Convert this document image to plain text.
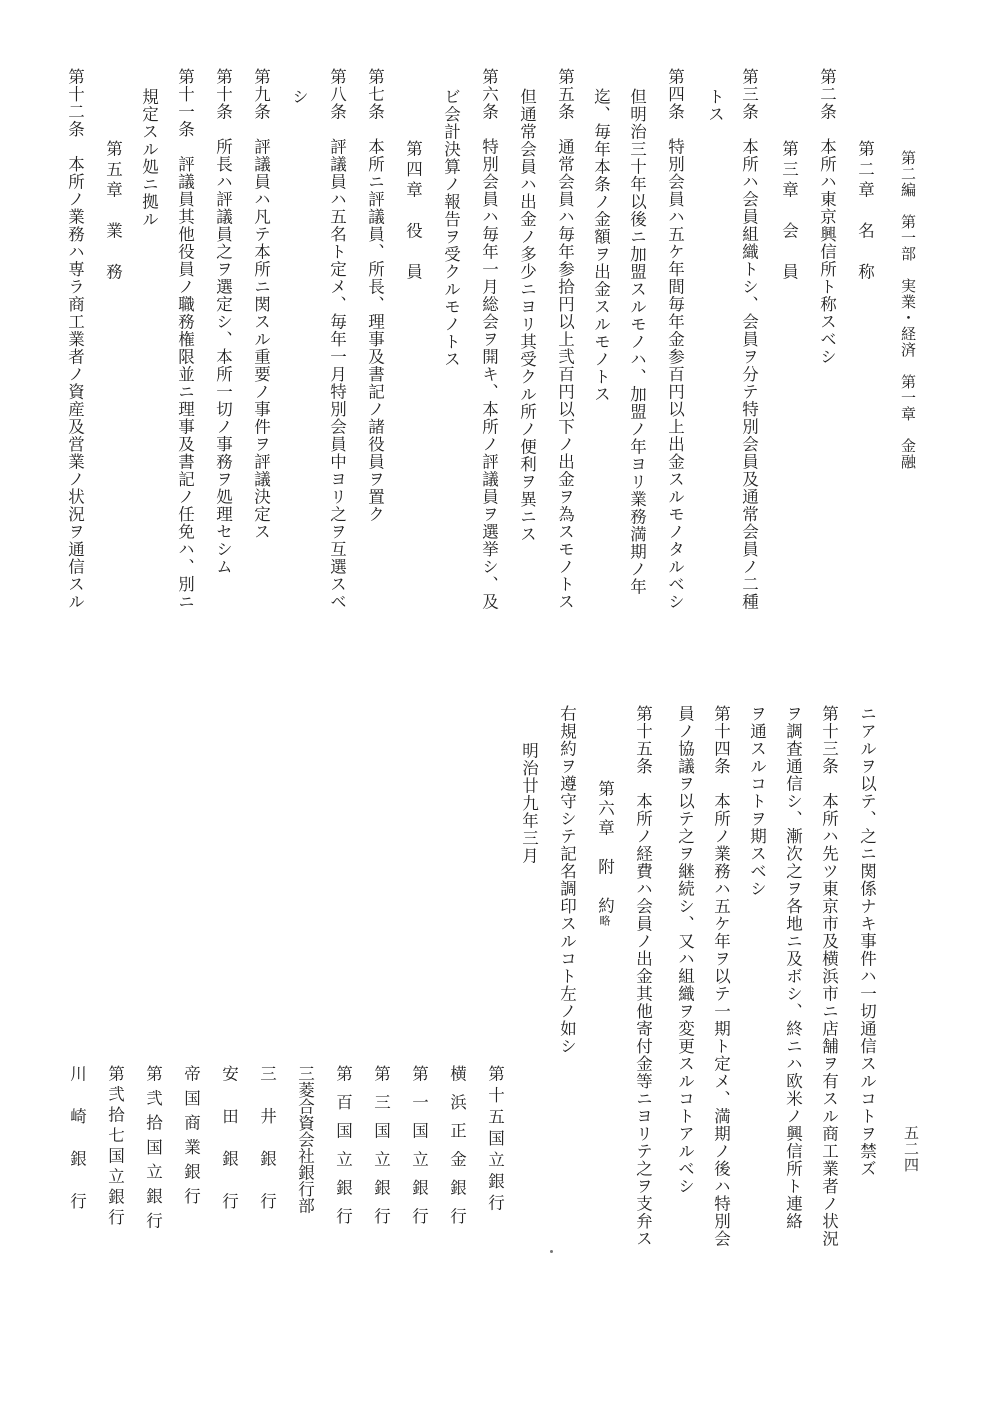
第二編　第一部　実業・経済　第一章　金融
五二四
第二章　名　称
第二条　本所ハ東京興信所ト称スベシ
第三章　会　員
第三条　本所ハ会員組織トシ、会員ヲ分テ特別会員及通常会員ノ二種
トス
第四条　特別会員ハ五ケ年間毎年金参百円以上出金スルモノタルベシ
但明治三十年以後ニ加盟スルモノハ、加盟ノ年ヨリ業務満期ノ年
迄、毎年本条ノ金額ヲ出金スルモノトス
第五条　通常会員ハ毎年参拾円以上弐百円以下ノ出金ヲ為スモノトス
但通常会員ハ出金ノ多少ニヨリ其受クル所ノ便利ヲ異ニス
第六条　特別会員ハ毎年一月総会ヲ開キ、本所ノ評議員ヲ選挙シ、及
ビ会計決算ノ報告ヲ受クルモノトス
第四章　役　員
第七条　本所ニ評議員、所長、理事及書記ノ諸役員ヲ置ク
第八条　評議員ハ五名ト定メ、毎年一月特別会員中ヨリ之ヲ互選スベ
シ
第九条　評議員ハ凡テ本所ニ関スル重要ノ事件ヲ評議決定ス
第十条　所長ハ評議員之ヲ選定シ、本所一切ノ事務ヲ処理セシム
第十一条　評議員其他役員ノ職務権限並ニ理事及書記ノ任免ハ、別ニ
規定スル処ニ拠ル
第五章　業　務
第十二条　本所ノ業務ハ専ラ商工業者ノ資産及営業ノ状況ヲ通信スル
ニアルヲ以テ、之ニ関係ナキ事件ハ一切通信スルコトヲ禁ズ
第十三条　本所ハ先ツ東京市及横浜市ニ店舗ヲ有スル商工業者ノ状況
ヲ調査通信シ、漸次之ヲ各地ニ及ボシ、終ニハ欧米ノ興信所ト連絡
ヲ通スルコトヲ期スベシ
第十四条　本所ノ業務ハ五ケ年ヲ以テ一期ト定メ、満期ノ後ハ特別会
員ノ協議ヲ以テ之ヲ継続シ、又ハ組織ヲ変更スルコトアルベシ
第十五条　本所ノ経費ハ会員ノ出金其他寄付金等ニヨリテ之ヲ支弁ス
第六章　附　約
略
右規約ヲ遵守シテ記名調印スルコト左ノ如シ
明治廿九年三月
第十五国立銀行
横浜正金銀行
第一国立銀行
第三国立銀行
第百国立銀行
三菱合資会社銀行部
三井銀行
安田銀行
帝国商業銀行
第弐拾国立銀行
第弐拾七国立銀行
川崎銀行
